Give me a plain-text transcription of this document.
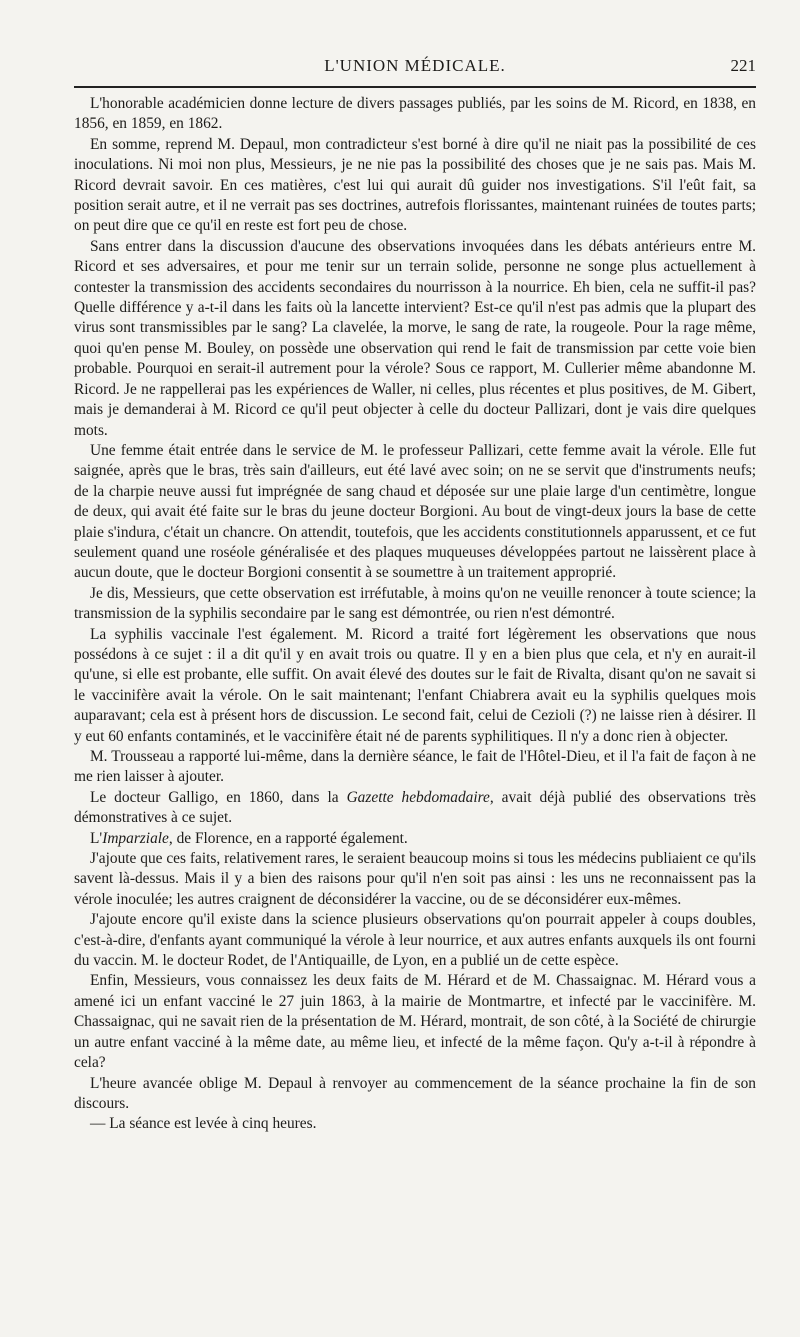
L'UNION MÉDICALE.	221

L'honorable académicien donne lecture de divers passages publiés, par les soins de M. Ricord, en 1838, en 1856, en 1859, en 1862.

En somme, reprend M. Depaul, mon contradicteur s'est borné à dire qu'il ne niait pas la possibilité de ces inoculations. Ni moi non plus, Messieurs, je ne nie pas la possibilité des choses que je ne sais pas. Mais M. Ricord devrait savoir. En ces matières, c'est lui qui aurait dû guider nos investigations. S'il l'eût fait, sa position serait autre, et il ne verrait pas ses doctrines, autrefois florissantes, maintenant ruinées de toutes parts; on peut dire que ce qu'il en reste est fort peu de chose.

Sans entrer dans la discussion d'aucune des observations invoquées dans les débats antérieurs entre M. Ricord et ses adversaires, et pour me tenir sur un terrain solide, personne ne songe plus actuellement à contester la transmission des accidents secondaires du nourrisson à la nourrice. Eh bien, cela ne suffit-il pas? Quelle différence y a-t-il dans les faits où la lancette intervient? Est-ce qu'il n'est pas admis que la plupart des virus sont transmissibles par le sang? La clavelée, la morve, le sang de rate, la rougeole. Pour la rage même, quoi qu'en pense M. Bouley, on possède une observation qui rend le fait de transmission par cette voie bien probable. Pourquoi en serait-il autrement pour la vérole? Sous ce rapport, M. Cullerier même abandonne M. Ricord. Je ne rappellerai pas les expériences de Waller, ni celles, plus récentes et plus positives, de M. Gibert, mais je demanderai à M. Ricord ce qu'il peut objecter à celle du docteur Pallizari, dont je vais dire quelques mots.

Une femme était entrée dans le service de M. le professeur Pallizari, cette femme avait la vérole. Elle fut saignée, après que le bras, très sain d'ailleurs, eut été lavé avec soin; on ne se servit que d'instruments neufs; de la charpie neuve aussi fut imprégnée de sang chaud et déposée sur une plaie large d'un centimètre, longue de deux, qui avait été faite sur le bras du jeune docteur Borgioni. Au bout de vingt-deux jours la base de cette plaie s'indura, c'était un chancre. On attendit, toutefois, que les accidents constitutionnels apparussent, et ce fut seulement quand une roséole généralisée et des plaques muqueuses développées partout ne laissèrent place à aucun doute, que le docteur Borgioni consentit à se soumettre à un traitement approprié.

Je dis, Messieurs, que cette observation est irréfutable, à moins qu'on ne veuille renoncer à toute science; la transmission de la syphilis secondaire par le sang est démontrée, ou rien n'est démontré.

La syphilis vaccinale l'est également. M. Ricord a traité fort légèrement les observations que nous possédons à ce sujet : il a dit qu'il y en avait trois ou quatre. Il y en a bien plus que cela, et n'y en aurait-il qu'une, si elle est probante, elle suffit. On avait élevé des doutes sur le fait de Rivalta, disant qu'on ne savait si le vaccinifère avait la vérole. On le sait maintenant; l'enfant Chiabrera avait eu la syphilis quelques mois auparavant; cela est à présent hors de discussion. Le second fait, celui de Cezioli (?) ne laisse rien à désirer. Il y eut 60 enfants contaminés, et le vaccinifère était né de parents syphilitiques. Il n'y a donc rien à objecter.

M. Trousseau a rapporté lui-même, dans la dernière séance, le fait de l'Hôtel-Dieu, et il l'a fait de façon à ne me rien laisser à ajouter.

Le docteur Galligo, en 1860, dans la Gazette hebdomadaire, avait déjà publié des observations très démonstratives à ce sujet.

L'Imparziale, de Florence, en a rapporté également.

J'ajoute que ces faits, relativement rares, le seraient beaucoup moins si tous les médecins publiaient ce qu'ils savent là-dessus. Mais il y a bien des raisons pour qu'il n'en soit pas ainsi : les uns ne reconnaissent pas la vérole inoculée; les autres craignent de déconsidérer la vaccine, ou de se déconsidérer eux-mêmes.

J'ajoute encore qu'il existe dans la science plusieurs observations qu'on pourrait appeler à coups doubles, c'est-à-dire, d'enfants ayant communiqué la vérole à leur nourrice, et aux autres enfants auxquels ils ont fourni du vaccin. M. le docteur Rodet, de l'Antiquaille, de Lyon, en a publié un de cette espèce.

Enfin, Messieurs, vous connaissez les deux faits de M. Hérard et de M. Chassaignac. M. Hérard vous a amené ici un enfant vacciné le 27 juin 1863, à la mairie de Montmartre, et infecté par le vaccinifère. M. Chassaignac, qui ne savait rien de la présentation de M. Hérard, montrait, de son côté, à la Société de chirurgie un autre enfant vacciné à la même date, au même lieu, et infecté de la même façon. Qu'y a-t-il à répondre à cela?

L'heure avancée oblige M. Depaul à renvoyer au commencement de la séance prochaine la fin de son discours.

— La séance est levée à cinq heures.
